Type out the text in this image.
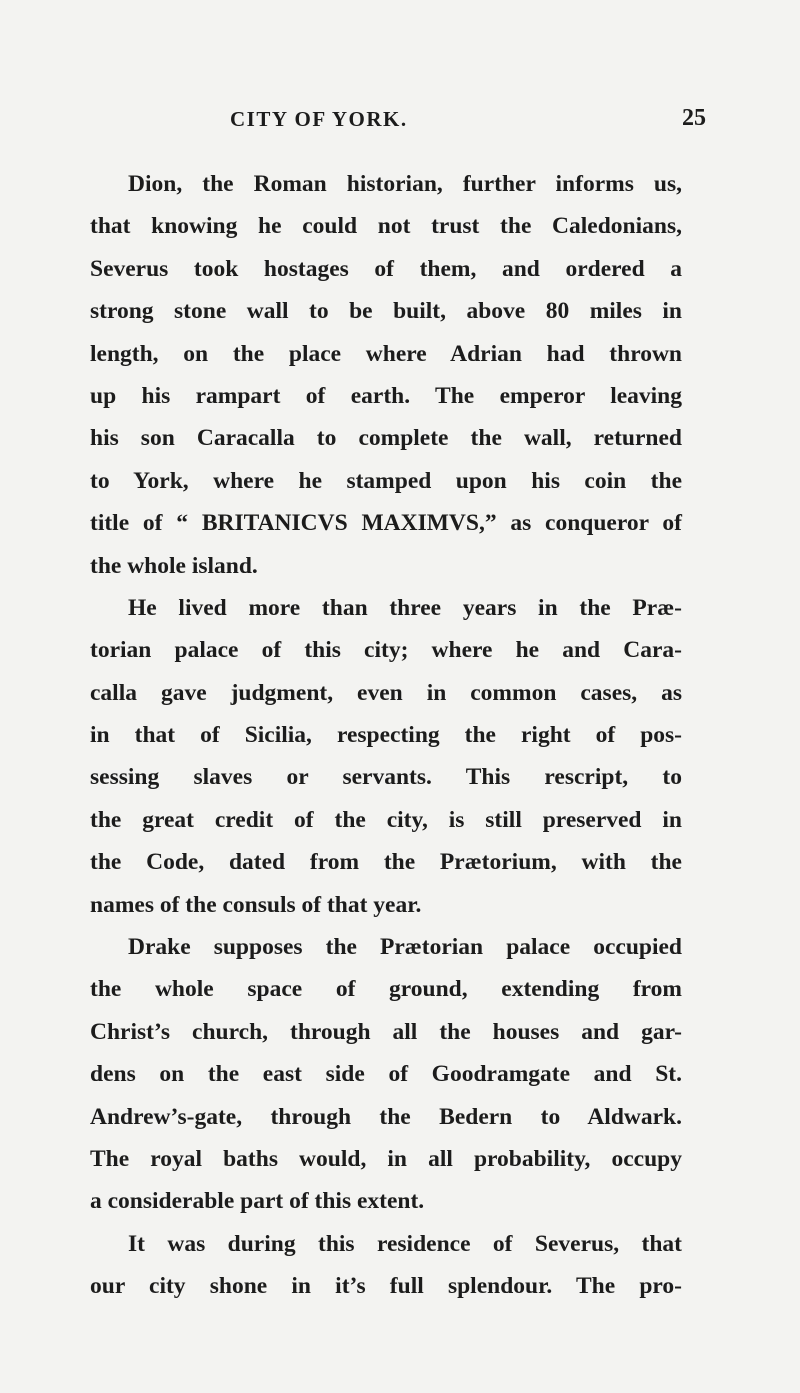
CITY OF YORK.	25
Dion, the Roman historian, further informs us,
that knowing he could not trust the Caledonians,
Severus took hostages of them, and ordered a
strong stone wall to be built, above 80 miles in
length, on the place where Adrian had thrown
up his rampart of earth. The emperor leaving
his son Caracalla to complete the wall, returned
to York, where he stamped upon his coin the
title of “ BRITANICVS MAXIMVS,” as conqueror of
the whole island.
He lived more than three years in the Præ-
torian palace of this city; where he and Cara-
calla gave judgment, even in common cases, as
in that of Sicilia, respecting the right of pos-
sessing slaves or servants. This rescript, to
the great credit of the city, is still preserved in
the Code, dated from the Prætorium, with the
names of the consuls of that year.
Drake supposes the Prætorian palace occupied
the whole space of ground, extending from
Christ’s church, through all the houses and gar-
dens on the east side of Goodramgate and St.
Andrew’s-gate, through the Bedern to Aldwark.
The royal baths would, in all probability, occupy
a considerable part of this extent.
It was during this residence of Severus, that
our city shone in it’s full splendour. The pro-
